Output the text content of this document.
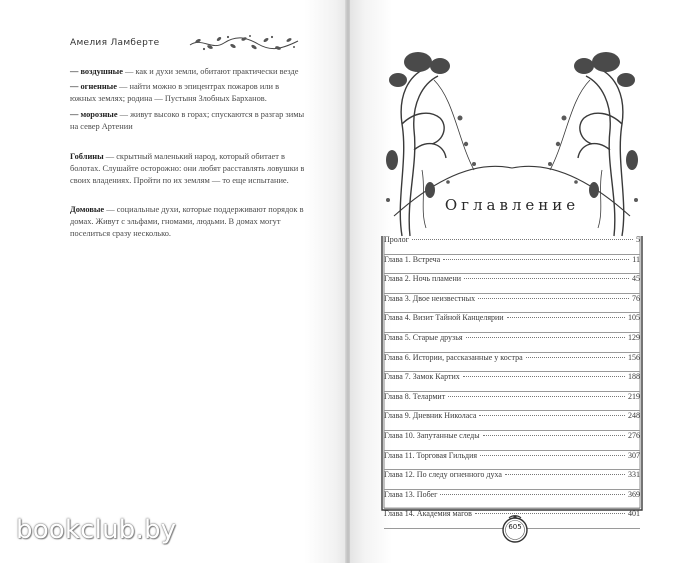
Амелия Ламберте

— воздушные — как и духи земли, обитают практически везде

— огненные — найти можно в эпицентрах пожаров или в южных землях; родина — Пустыня Злобных Барханов.

— морозные — живут высоко в горах; спускаются в разгар зимы на север Артении

Гоблины — скрытный маленький народ, который обитает в болотах. Слушайте осторожно: они любят расставлять ловушки в своих владениях. Пройти по их землям — то еще испытание.

Домовые — социальные духи, которые поддерживают порядок в домах. Живут с эльфами, гномами, людьми. В домах могут поселиться сразу несколько.

bookclub.by
Оглавление
Пролог	5
Глава 1. Встреча	11
Глава 2. Ночь пламени	45
Глава 3. Двое неизвестных	76
Глава 4. Визит Тайной Канцелярии	105
Глава 5. Старые друзья	129
Глава 6. Истории, рассказанные у костра	156
Глава 7. Замок Картих	188
Глава 8. Телармит	219
Глава 9. Дневник Николаса	248
Глава 10. Запутанные следы	276
Глава 11. Торговая Гильдия	307
Глава 12. По следу огненного духа	331
Глава 13. Побег	369
Глава 14. Академия магов	401
605
